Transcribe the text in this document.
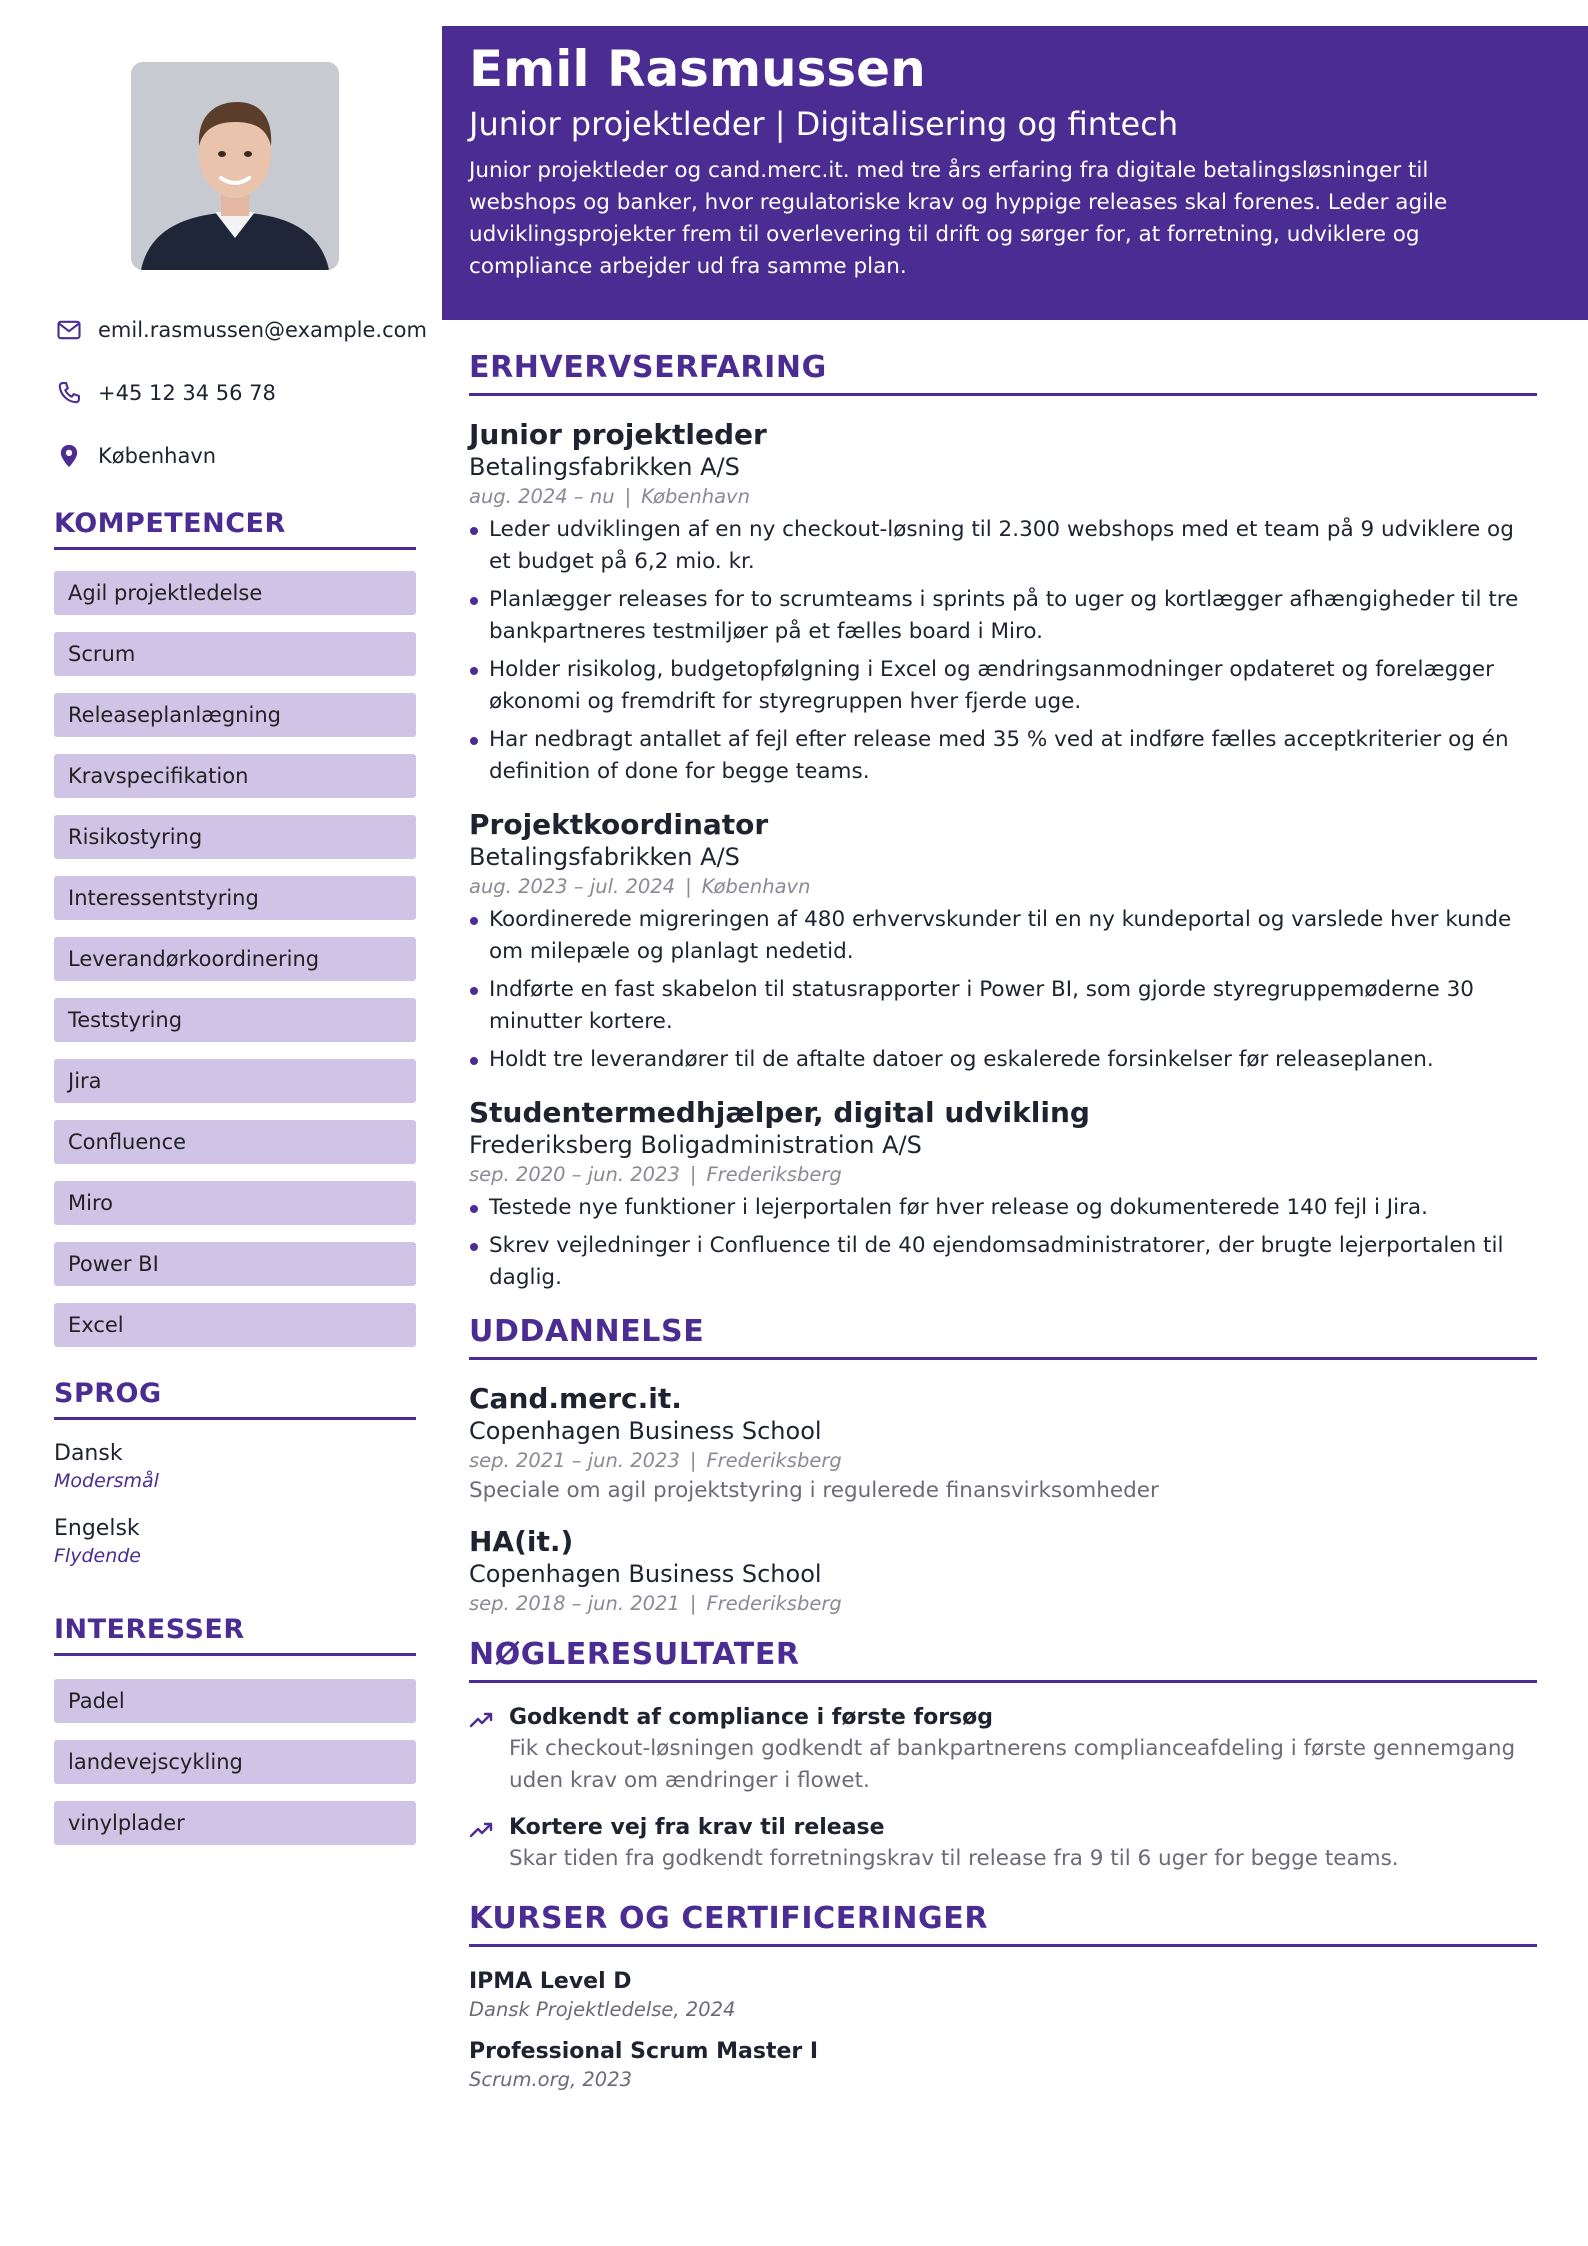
emil.rasmussen@example.com
+45 12 34 56 78
København
KOMPETENCER
Agil projektledelse
Scrum
Releaseplanlægning
Kravspecifikation
Risikostyring
Interessentstyring
Leverandørkoordinering
Teststyring
Jira
Confluence
Miro
Power BI
Excel
SPROG
Dansk
Modersmål
Engelsk
Flydende
INTERESSER
Padel
landevejscykling
vinylplader
Emil Rasmussen
Junior projektleder | Digitalisering og fintech
Junior projektleder og cand.merc.it. med tre års erfaring fra digitale betalingsløsninger til webshops og banker, hvor regulatoriske krav og hyppige releases skal forenes. Leder agile udviklingsprojekter frem til overlevering til drift og sørger for, at forretning, udviklere og compliance arbejder ud fra samme plan.
ERHVERVSERFARING
Junior projektleder
Betalingsfabrikken A/S
aug. 2024 – nu | København
Leder udviklingen af en ny checkout-løsning til 2.300 webshops med et team på 9 udviklere og et budget på 6,2 mio. kr.
Planlægger releases for to scrumteams i sprints på to uger og kortlægger afhængigheder til tre bankpartneres testmiljøer på et fælles board i Miro.
Holder risikolog, budgetopfølgning i Excel og ændringsanmodninger opdateret og forelægger økonomi og fremdrift for styregruppen hver fjerde uge.
Har nedbragt antallet af fejl efter release med 35 % ved at indføre fælles acceptkriterier og én definition of done for begge teams.
Projektkoordinator
Betalingsfabrikken A/S
aug. 2023 – jul. 2024 | København
Koordinerede migreringen af 480 erhvervskunder til en ny kundeportal og varslede hver kunde om milepæle og planlagt nedetid.
Indførte en fast skabelon til statusrapporter i Power BI, som gjorde styregruppemøderne 30 minutter kortere.
Holdt tre leverandører til de aftalte datoer og eskalerede forsinkelser før releaseplanen.
Studentermedhjælper, digital udvikling
Frederiksberg Boligadministration A/S
sep. 2020 – jun. 2023 | Frederiksberg
Testede nye funktioner i lejerportalen før hver release og dokumenterede 140 fejl i Jira.
Skrev vejledninger i Confluence til de 40 ejendomsadministratorer, der brugte lejerportalen til daglig.
UDDANNELSE
Cand.merc.it.
Copenhagen Business School
sep. 2021 – jun. 2023 | Frederiksberg
Speciale om agil projektstyring i regulerede finansvirksomheder
HA(it.)
Copenhagen Business School
sep. 2018 – jun. 2021 | Frederiksberg
NØGLERESULTATER
Godkendt af compliance i første forsøg
Fik checkout-løsningen godkendt af bankpartnerens complianceafdeling i første gennemgang uden krav om ændringer i flowet.
Kortere vej fra krav til release
Skar tiden fra godkendt forretningskrav til release fra 9 til 6 uger for begge teams.
KURSER OG CERTIFICERINGER
IPMA Level D
Dansk Projektledelse, 2024
Professional Scrum Master I
Scrum.org, 2023
